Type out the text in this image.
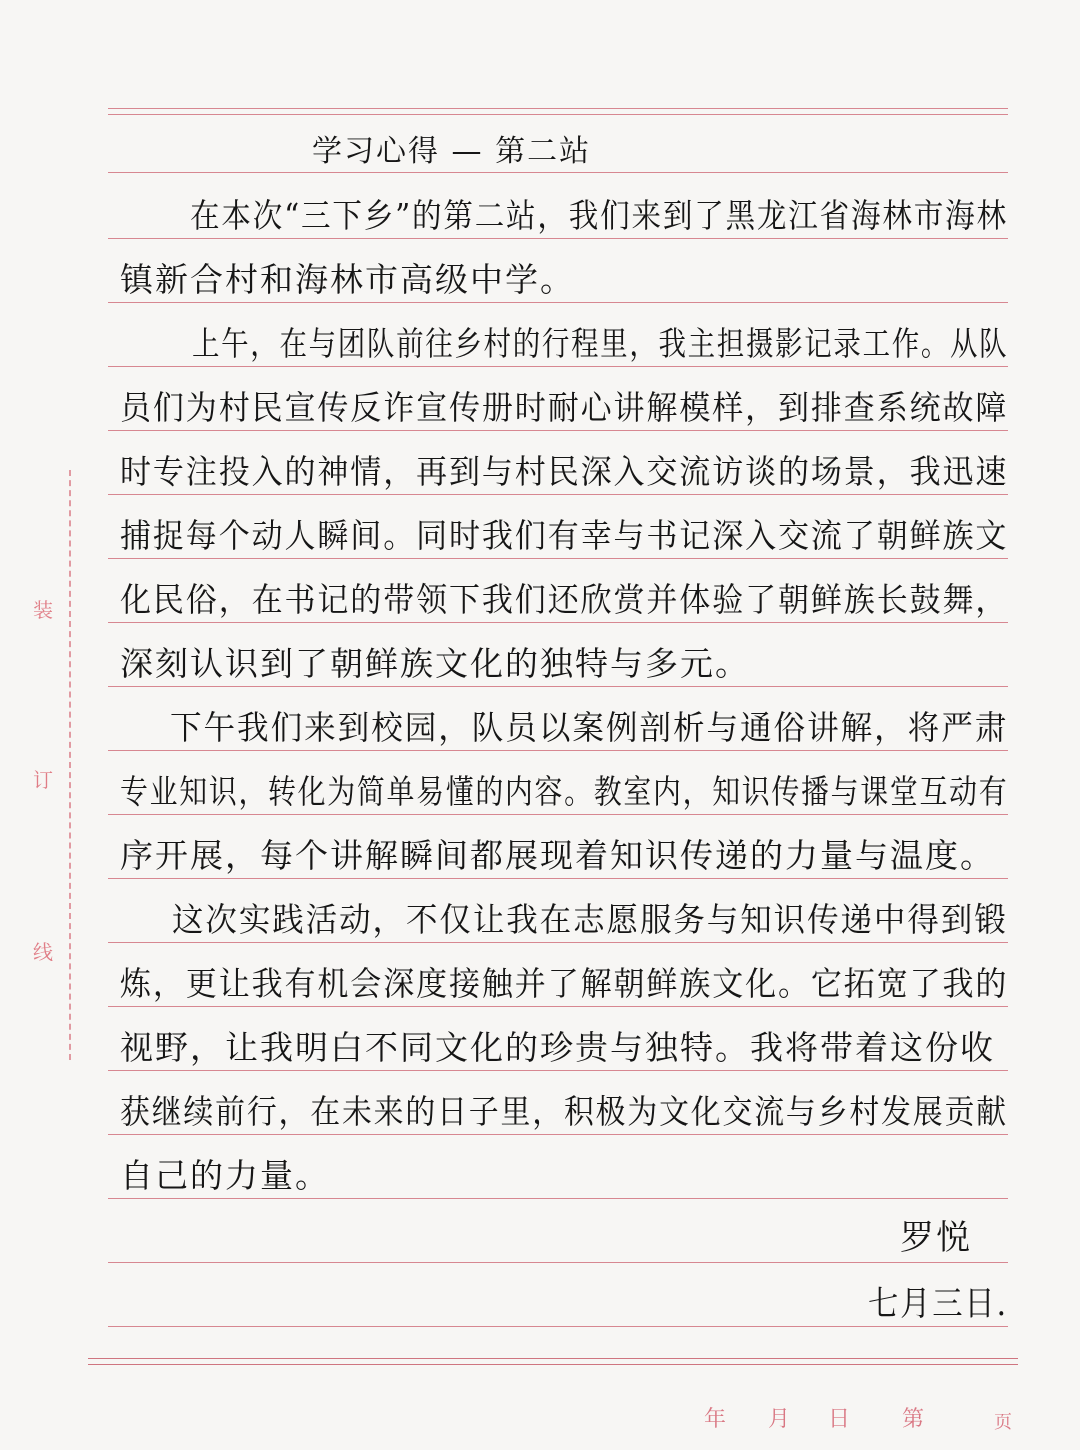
装
订
线
学习心得 — 第二站
在本次“三下乡”的第二站，我们来到了黑龙江省海林市海林
镇新合村和海林市高级中学。
上午，在与团队前往乡村的行程里，我主担摄影记录工作。从队
员们为村民宣传反诈宣传册时耐心讲解模样，到排查系统故障
时专注投入的神情，再到与村民深入交流访谈的场景，我迅速
捕捉每个动人瞬间。同时我们有幸与书记深入交流了朝鲜族文
化民俗，在书记的带领下我们还欣赏并体验了朝鲜族长鼓舞，
深刻认识到了朝鲜族文化的独特与多元。
下午我们来到校园，队员以案例剖析与通俗讲解，将严肃
专业知识，转化为简单易懂的内容。教室内，知识传播与课堂互动有
序开展，每个讲解瞬间都展现着知识传递的力量与温度。
这次实践活动，不仅让我在志愿服务与知识传递中得到锻
炼，更让我有机会深度接触并了解朝鲜族文化。它拓宽了我的
视野，让我明白不同文化的珍贵与独特。我将带着这份收
获继续前行，在未来的日子里，积极为文化交流与乡村发展贡献
自己的力量。
罗悦
七月三日.
年 月 日 第	页
